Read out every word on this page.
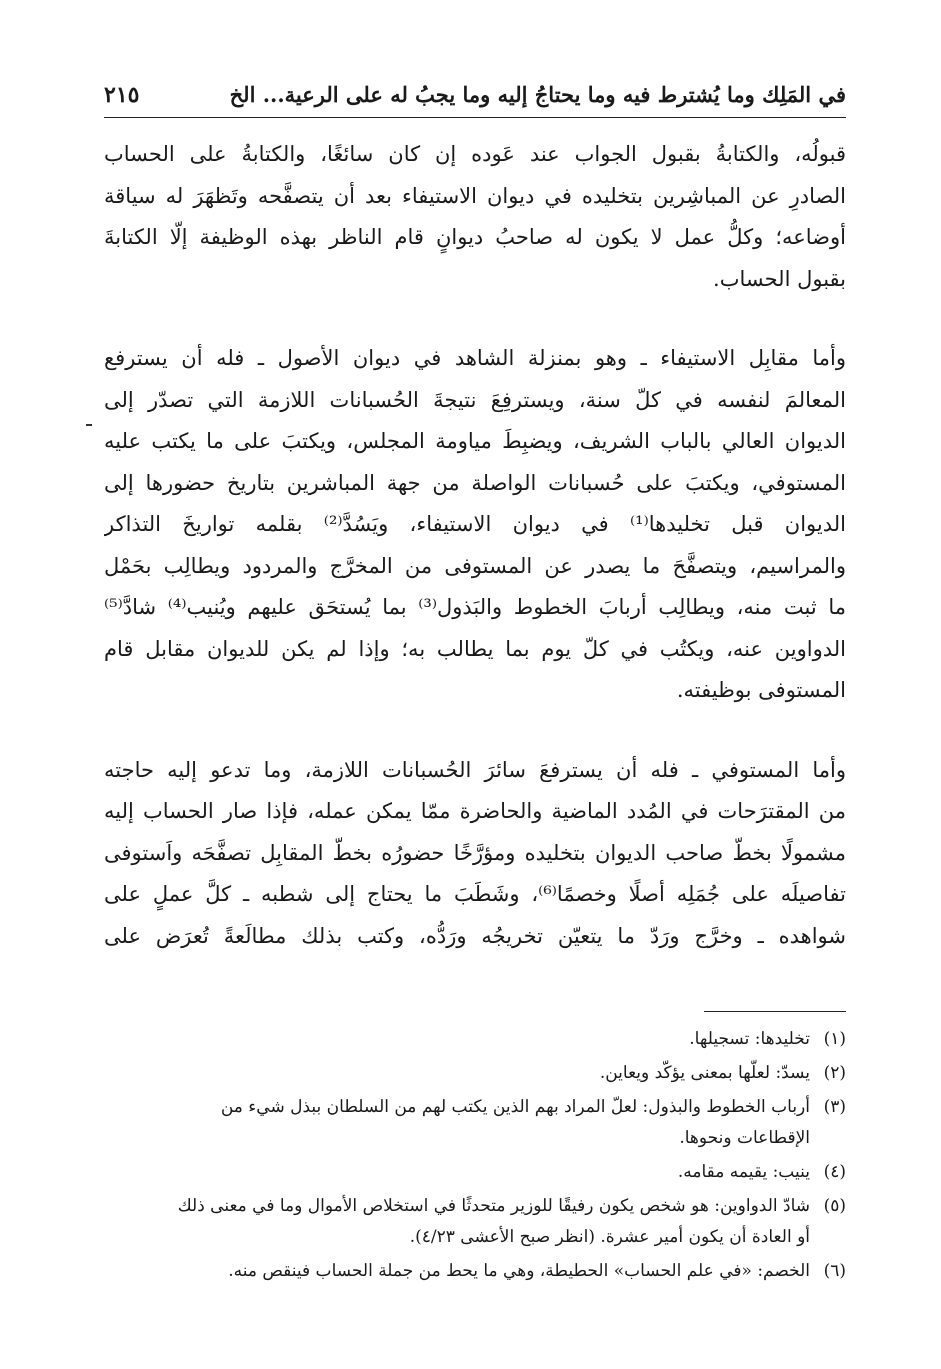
في المَلِك وما يُشترط فيه وما يحتاجُ إليه وما يجبُ له على الرعية... الخ
٢١٥

قبولُه، والكتابةُ بقبول الجواب عند عَوده إن كان سائغًا، والكتابةُ على الحساب
الصادرِ عن المباشِرين بتخليده في ديوان الاستيفاء بعد أن يتصفَّحه وتَظهَرَ له سياقة
أوضاعه؛ وكلُّ عمل لا يكون له صاحبُ ديوانٍ قام الناظر بهذه الوظيفة إلّا الكتابةَ
بقبول الحساب.

وأما مقابِل الاستيفاء ـ وهو بمنزلة الشاهد في ديوان الأصول ـ فله أن يسترفع
المعالمَ لنفسه في كلّ سنة، ويسترفِعَ نتيجةَ الحُسبانات اللازمة التي تصدّر إلى
الديوان العالي بالباب الشريف، ويضبِطَ مياومة المجلس، ويكتبَ على ما يكتب عليه
المستوفي، ويكتبَ على حُسبانات الواصلة من جهة المباشرين بتاريخ حضورها إلى
الديوان قبل تخليدها⁽¹⁾ في ديوان الاستيفاء، ويَسُدَّ⁽²⁾ بقلمه تواريخَ التذاكر
والمراسيم، ويتصفَّحَ ما يصدر عن المستوفى من المخرَّج والمردود ويطالِب بحَمْل
ما ثبت منه، ويطالِب أربابَ الخطوط والبَذول⁽³⁾ بما يُستحَق عليهم ويُنيب⁽⁴⁾ شادَّ⁽⁵⁾
الدواوين عنه، ويكتُب في كلّ يوم بما يطالب به؛ وإذا لم يكن للديوان مقابل قام
المستوفى بوظيفته.

وأما المستوفي ـ فله أن يسترفعَ سائرَ الحُسبانات اللازمة، وما تدعو إليه حاجته
من المقترَحات في المُدد الماضية والحاضرة ممّا يمكن عمله، فإذا صار الحساب إليه
مشمولًا بخطّ صاحب الديوان بتخليده ومؤرَّخًا حضورُه بخطّ المقابِل تصفَّحَه واَستوفى
تفاصيلَه على جُمَلِه أصلًا وخصمًا⁽⁶⁾، وشَطَبَ ما يحتاج إلى شطبه ـ كلَّ عملٍ على
شواهده ـ وخرَّج ورَدّ ما يتعيّن تخريجُه ورَدُّه، وكتب بذلك مطالَعةً تُعرَض على

(١)
تخليدها: تسجيلها.
(٢)
يسدّ: لعلّها بمعنى يؤكّد ويعاين.
(٣)
أرباب الخطوط والبذول: لعلّ المراد بهم الذين يكتب لهم من السلطان ببذل شيء من
الإقطاعات ونحوها.
(٤)
ينيب: يقيمه مقامه.
(٥)
شادّ الدواوين: هو شخص يكون رفيقًا للوزير متحدثًا في استخلاص الأموال وما في معنى ذلك
أو العادة أن يكون أمير عشرة. (انظر صبح الأعشى ٤/٢٣).
(٦)
الخصم: «في علم الحساب» الحطيطة، وهي ما يحط من جملة الحساب فينقص منه.
